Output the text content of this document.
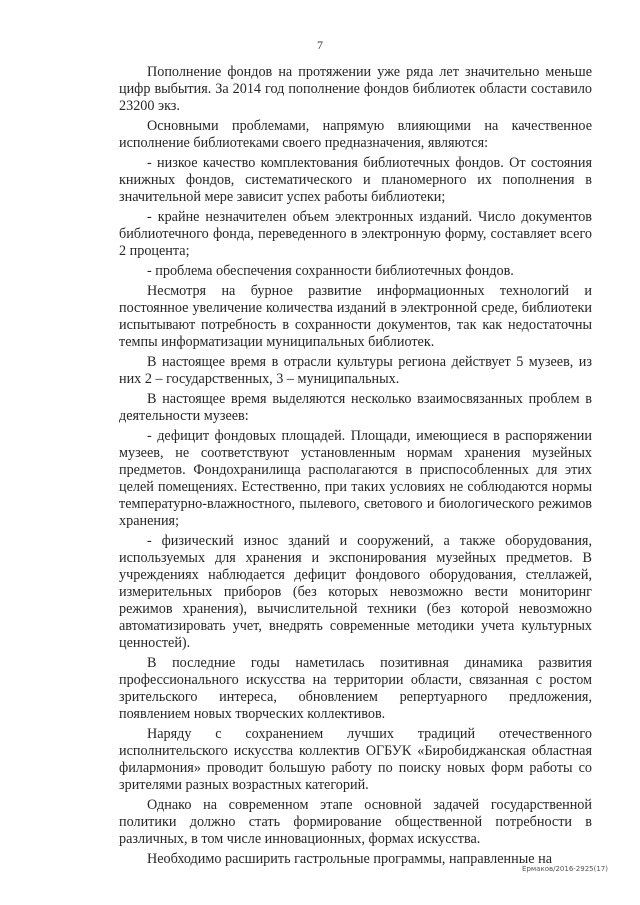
7

Пополнение фондов на протяжении уже ряда лет значительно меньше цифр выбытия. За 2014 год пополнение фондов библиотек области составило 23200 экз.

Основными проблемами, напрямую влияющими на качественное исполнение библиотеками своего предназначения, являются:

- низкое качество комплектования библиотечных фондов. От состояния книжных фондов, систематического и планомерного их пополнения в значительной мере зависит успех работы библиотеки;

- крайне незначителен объем электронных изданий. Число документов библиотечного фонда, переведенного в электронную форму, составляет всего 2 процента;

- проблема обеспечения сохранности библиотечных фондов.

Несмотря на бурное развитие информационных технологий и постоянное увеличение количества изданий в электронной среде, библиотеки испытывают потребность в сохранности документов, так как недостаточны темпы информатизации муниципальных библиотек.

В настоящее время в отрасли культуры региона действует 5 музеев, из них 2 – государственных, 3 – муниципальных.

В настоящее время выделяются несколько взаимосвязанных проблем в деятельности музеев:

- дефицит фондовых площадей. Площади, имеющиеся в распоряжении музеев, не соответствуют установленным нормам хранения музейных предметов. Фондохранилища располагаются в приспособленных для этих целей помещениях. Естественно, при таких условиях не соблюдаются нормы температурно-влажностного, пылевого, светового и биологического режимов хранения;

- физический износ зданий и сооружений, а также оборудования, используемых для хранения и экспонирования музейных предметов. В учреждениях наблюдается дефицит фондового оборудования, стеллажей, измерительных приборов (без которых невозможно вести мониторинг режимов хранения), вычислительной техники (без которой невозможно автоматизировать учет, внедрять современные методики учета культурных ценностей).

В последние годы наметилась позитивная динамика развития профессионального искусства на территории области, связанная с ростом зрительского интереса, обновлением репертуарного предложения, появлением новых творческих коллективов.

Наряду с сохранением лучших традиций отечественного исполнительского искусства коллектив ОГБУК «Биробиджанская областная филармония» проводит большую работу по поиску новых форм работы со зрителями разных возрастных категорий.

Однако на современном этапе основной задачей государственной политики должно стать формирование общественной потребности в различных, в том числе инновационных, формах искусства.

Необходимо расширить гастрольные программы, направленные на

Ермаков/2016-2925(17)
